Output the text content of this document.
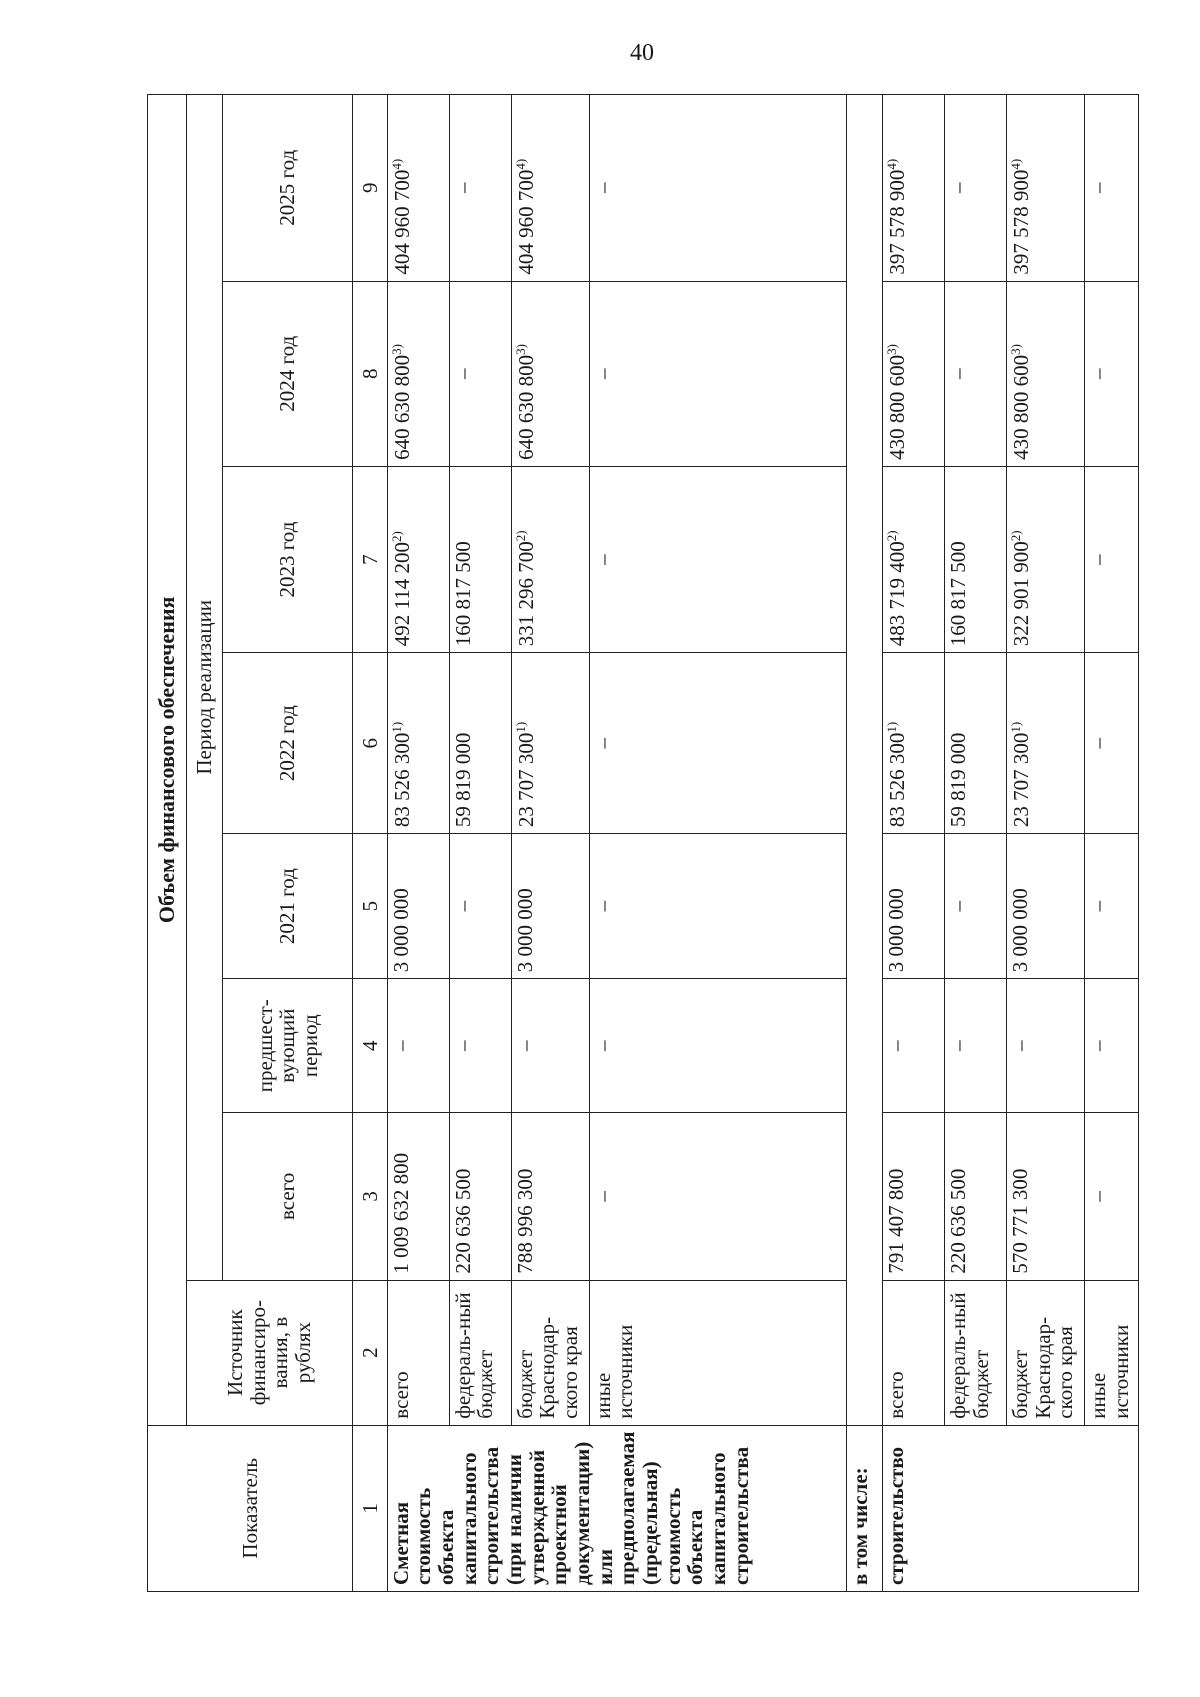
40
Показатель	Объем финансового обеспечения							
	Источник финансиро-вания, в рублях	Период реализации						
		всего	предшест-вующий период	2021 год	2022 год	2023 год	2024 год	2025 год
1	2	3	4	5	6	7	8	9
Сметная стоимость объекта капитального строительства (при наличии утвержденной проектной документации) или предполагаемая (предельная) стоимость объекта капитального строительства	всего	1 009 632 800	–	3 000 000	83 526 300$^{1)}$	492 114 200$^{2)}$	640 630 800$^{3)}$	404 960 700$^{4)}$
	федераль-ный бюджет	220 636 500	–	–	59 819 000	160 817 500	–	–
	бюджет Краснодар-ского края	788 996 300	–	3 000 000	23 707 300$^{1)}$	331 296 700$^{2)}$	640 630 800$^{3)}$	404 960 700$^{4)}$
	иные источники	–	–	–	–	–	–	–
в том числе:								
строительство	всего	791 407 800	–	3 000 000	83 526 300$^{1)}$	483 719 400$^{2)}$	430 800 600$^{3)}$	397 578 900$^{4)}$
	федераль-ный бюджет	220 636 500	–	–	59 819 000	160 817 500	–	–
	бюджет Краснодар-ского края	570 771 300	–	3 000 000	23 707 300$^{1)}$	322 901 900$^{2)}$	430 800 600$^{3)}$	397 578 900$^{4)}$
	иные источники	–	–	–	–	–	–	–
